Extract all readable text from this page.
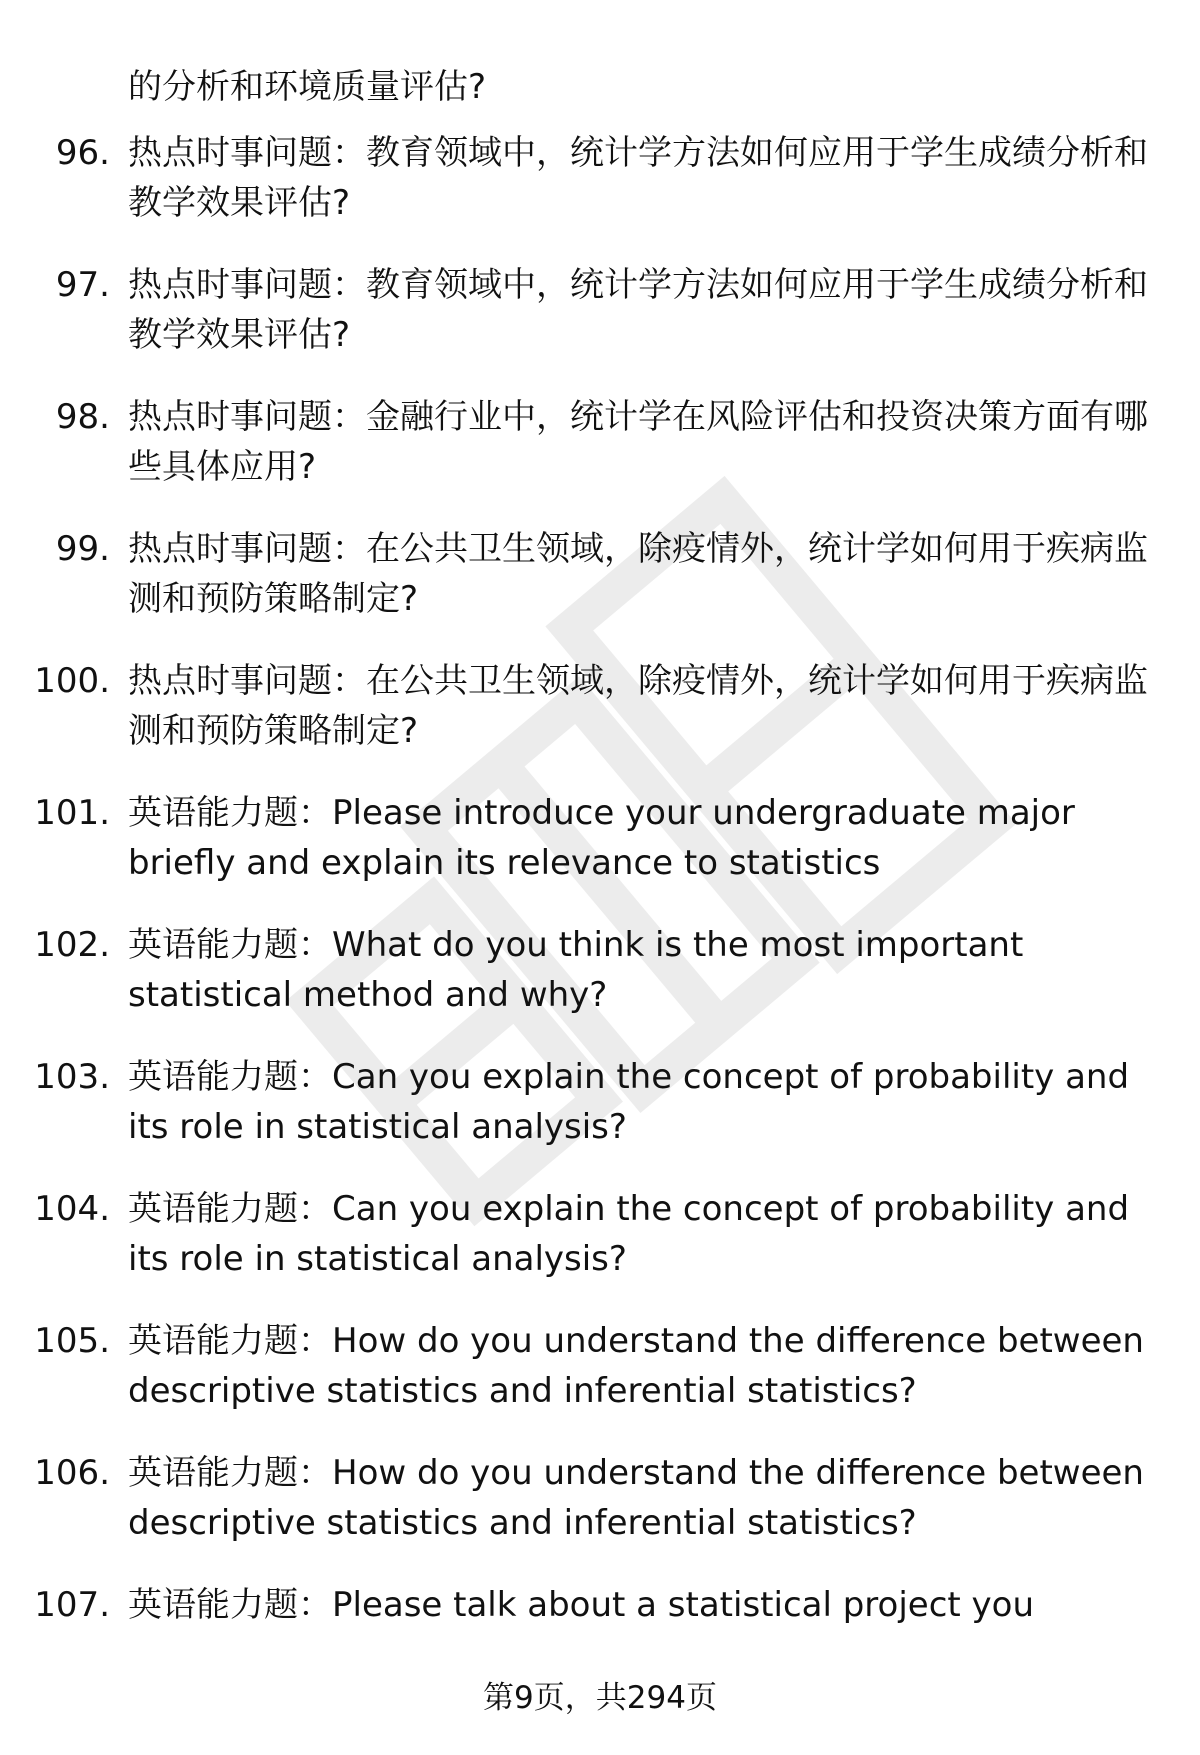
的分析和环境质量评估?
96. 热点时事问题：教育领域中，统计学方法如何应用于学生成绩分析和教学效果评估?
97. 热点时事问题：教育领域中，统计学方法如何应用于学生成绩分析和教学效果评估?
98. 热点时事问题：金融行业中，统计学在风险评估和投资决策方面有哪些具体应用?
99. 热点时事问题：在公共卫生领域，除疫情外，统计学如何用于疾病监测和预防策略制定?
100. 热点时事问题：在公共卫生领域，除疫情外，统计学如何用于疾病监测和预防策略制定?
101. 英语能力题：Please introduce your undergraduate major briefly and explain its relevance to statistics
102. 英语能力题：What do you think is the most important statistical method and why?
103. 英语能力题：Can you explain the concept of probability and its role in statistical analysis?
104. 英语能力题：Can you explain the concept of probability and its role in statistical analysis?
105. 英语能力题：How do you understand the difference between descriptive statistics and inferential statistics?
106. 英语能力题：How do you understand the difference between descriptive statistics and inferential statistics?
107. 英语能力题：Please talk about a statistical project you
第9页，共294页
